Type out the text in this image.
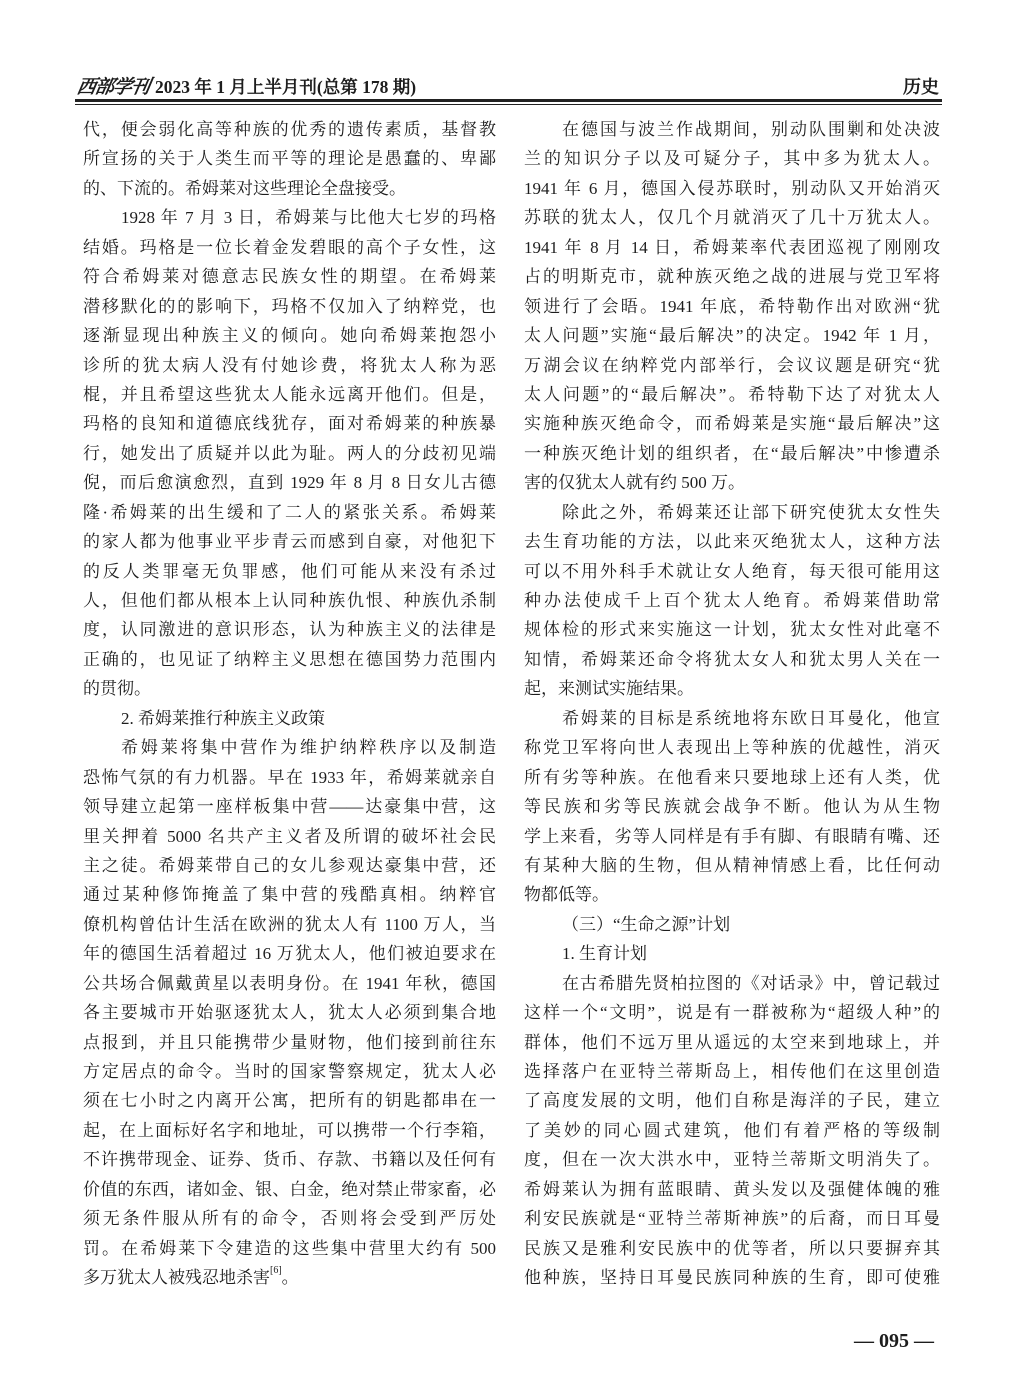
西部学刊 2023 年 1 月上半月刊(总第 178 期)	历史
代，便会弱化高等种族的优秀的遗传素质，基督教
所宣扬的关于人类生而平等的理论是愚蠢的、卑鄙
的、下流的。希姆莱对这些理论全盘接受。
1928 年 7 月 3 日，希姆莱与比他大七岁的玛格
结婚。玛格是一位长着金发碧眼的高个子女性，这
符合希姆莱对德意志民族女性的期望。在希姆莱
潜移默化的的影响下，玛格不仅加入了纳粹党，也
逐渐显现出种族主义的倾向。她向希姆莱抱怨小
诊所的犹太病人没有付她诊费，将犹太人称为恶
棍，并且希望这些犹太人能永远离开他们。但是，
玛格的良知和道德底线犹存，面对希姆莱的种族暴
行，她发出了质疑并以此为耻。两人的分歧初见端
倪，而后愈演愈烈，直到 1929 年 8 月 8 日女儿古德
隆·希姆莱的出生缓和了二人的紧张关系。希姆莱
的家人都为他事业平步青云而感到自豪，对他犯下
的反人类罪毫无负罪感，他们可能从来没有杀过
人，但他们都从根本上认同种族仇恨、种族仇杀制
度，认同激进的意识形态，认为种族主义的法律是
正确的，也见证了纳粹主义思想在德国势力范围内
的贯彻。
2. 希姆莱推行种族主义政策
希姆莱将集中营作为维护纳粹秩序以及制造
恐怖气氛的有力机器。早在 1933 年，希姆莱就亲自
领导建立起第一座样板集中营——达豪集中营，这
里关押着 5000 名共产主义者及所谓的破坏社会民
主之徒。希姆莱带自己的女儿参观达豪集中营，还
通过某种修饰掩盖了集中营的残酷真相。纳粹官
僚机构曾估计生活在欧洲的犹太人有 1100 万人，当
年的德国生活着超过 16 万犹太人，他们被迫要求在
公共场合佩戴黄星以表明身份。在 1941 年秋，德国
各主要城市开始驱逐犹太人，犹太人必须到集合地
点报到，并且只能携带少量财物，他们接到前往东
方定居点的命令。当时的国家警察规定，犹太人必
须在七小时之内离开公寓，把所有的钥匙都串在一
起，在上面标好名字和地址，可以携带一个行李箱，
不许携带现金、证券、货币、存款、书籍以及任何有
价值的东西，诸如金、银、白金，绝对禁止带家畜，必
须无条件服从所有的命令，否则将会受到严厉处
罚。在希姆莱下令建造的这些集中营里大约有 500
多万犹太人被残忍地杀害[6]。
在德国与波兰作战期间，别动队围剿和处决波
兰的知识分子以及可疑分子，其中多为犹太人。
1941 年 6 月，德国入侵苏联时，别动队又开始消灭
苏联的犹太人，仅几个月就消灭了几十万犹太人。
1941 年 8 月 14 日，希姆莱率代表团巡视了刚刚攻
占的明斯克市，就种族灭绝之战的进展与党卫军将
领进行了会晤。1941 年底，希特勒作出对欧洲“犹
太人问题”实施“最后解决”的决定。1942 年 1 月，
万湖会议在纳粹党内部举行，会议议题是研究“犹
太人问题”的“最后解决”。希特勒下达了对犹太人
实施种族灭绝命令，而希姆莱是实施“最后解决”这
一种族灭绝计划的组织者，在“最后解决”中惨遭杀
害的仅犹太人就有约 500 万。
除此之外，希姆莱还让部下研究使犹太女性失
去生育功能的方法，以此来灭绝犹太人，这种方法
可以不用外科手术就让女人绝育，每天很可能用这
种办法使成千上百个犹太人绝育。希姆莱借助常
规体检的形式来实施这一计划，犹太女性对此毫不
知情，希姆莱还命令将犹太女人和犹太男人关在一
起，来测试实施结果。
希姆莱的目标是系统地将东欧日耳曼化，他宣
称党卫军将向世人表现出上等种族的优越性，消灭
所有劣等种族。在他看来只要地球上还有人类，优
等民族和劣等民族就会战争不断。他认为从生物
学上来看，劣等人同样是有手有脚、有眼睛有嘴、还
有某种大脑的生物，但从精神情感上看，比任何动
物都低等。
（三）“生命之源”计划
1. 生育计划
在古希腊先贤柏拉图的《对话录》中，曾记载过
这样一个“文明”，说是有一群被称为“超级人种”的
群体，他们不远万里从遥远的太空来到地球上，并
选择落户在亚特兰蒂斯岛上，相传他们在这里创造
了高度发展的文明，他们自称是海洋的子民，建立
了美妙的同心圆式建筑，他们有着严格的等级制
度，但在一次大洪水中，亚特兰蒂斯文明消失了。
希姆莱认为拥有蓝眼睛、黄头发以及强健体魄的雅
利安民族就是“亚特兰蒂斯神族”的后裔，而日耳曼
民族又是雅利安民族中的优等者，所以只要摒弃其
他种族，坚持日耳曼民族同种族的生育，即可使雅
— 095 —
